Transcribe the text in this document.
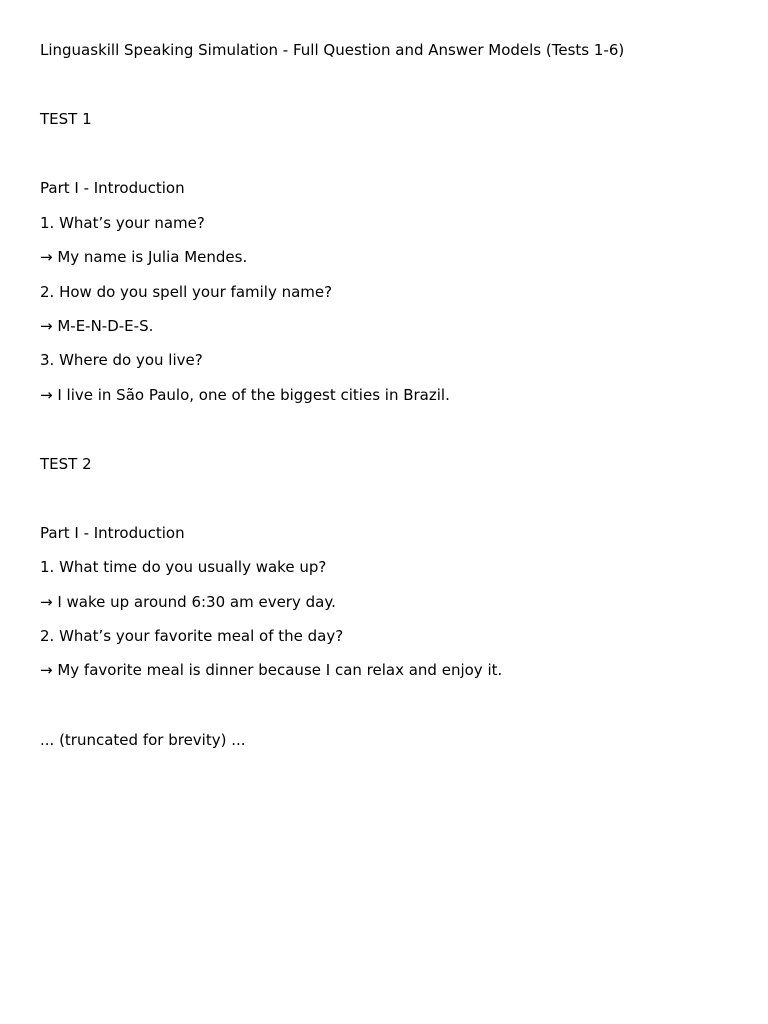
Linguaskill Speaking Simulation - Full Question and Answer Models (Tests 1-6)
TEST 1
Part I - Introduction
1. What’s your name?
→ My name is Julia Mendes.
2. How do you spell your family name?
→ M-E-N-D-E-S.
3. Where do you live?
→ I live in São Paulo, one of the biggest cities in Brazil.
TEST 2
Part I - Introduction
1. What time do you usually wake up?
→ I wake up around 6:30 am every day.
2. What’s your favorite meal of the day?
→ My favorite meal is dinner because I can relax and enjoy it.
... (truncated for brevity) ...
